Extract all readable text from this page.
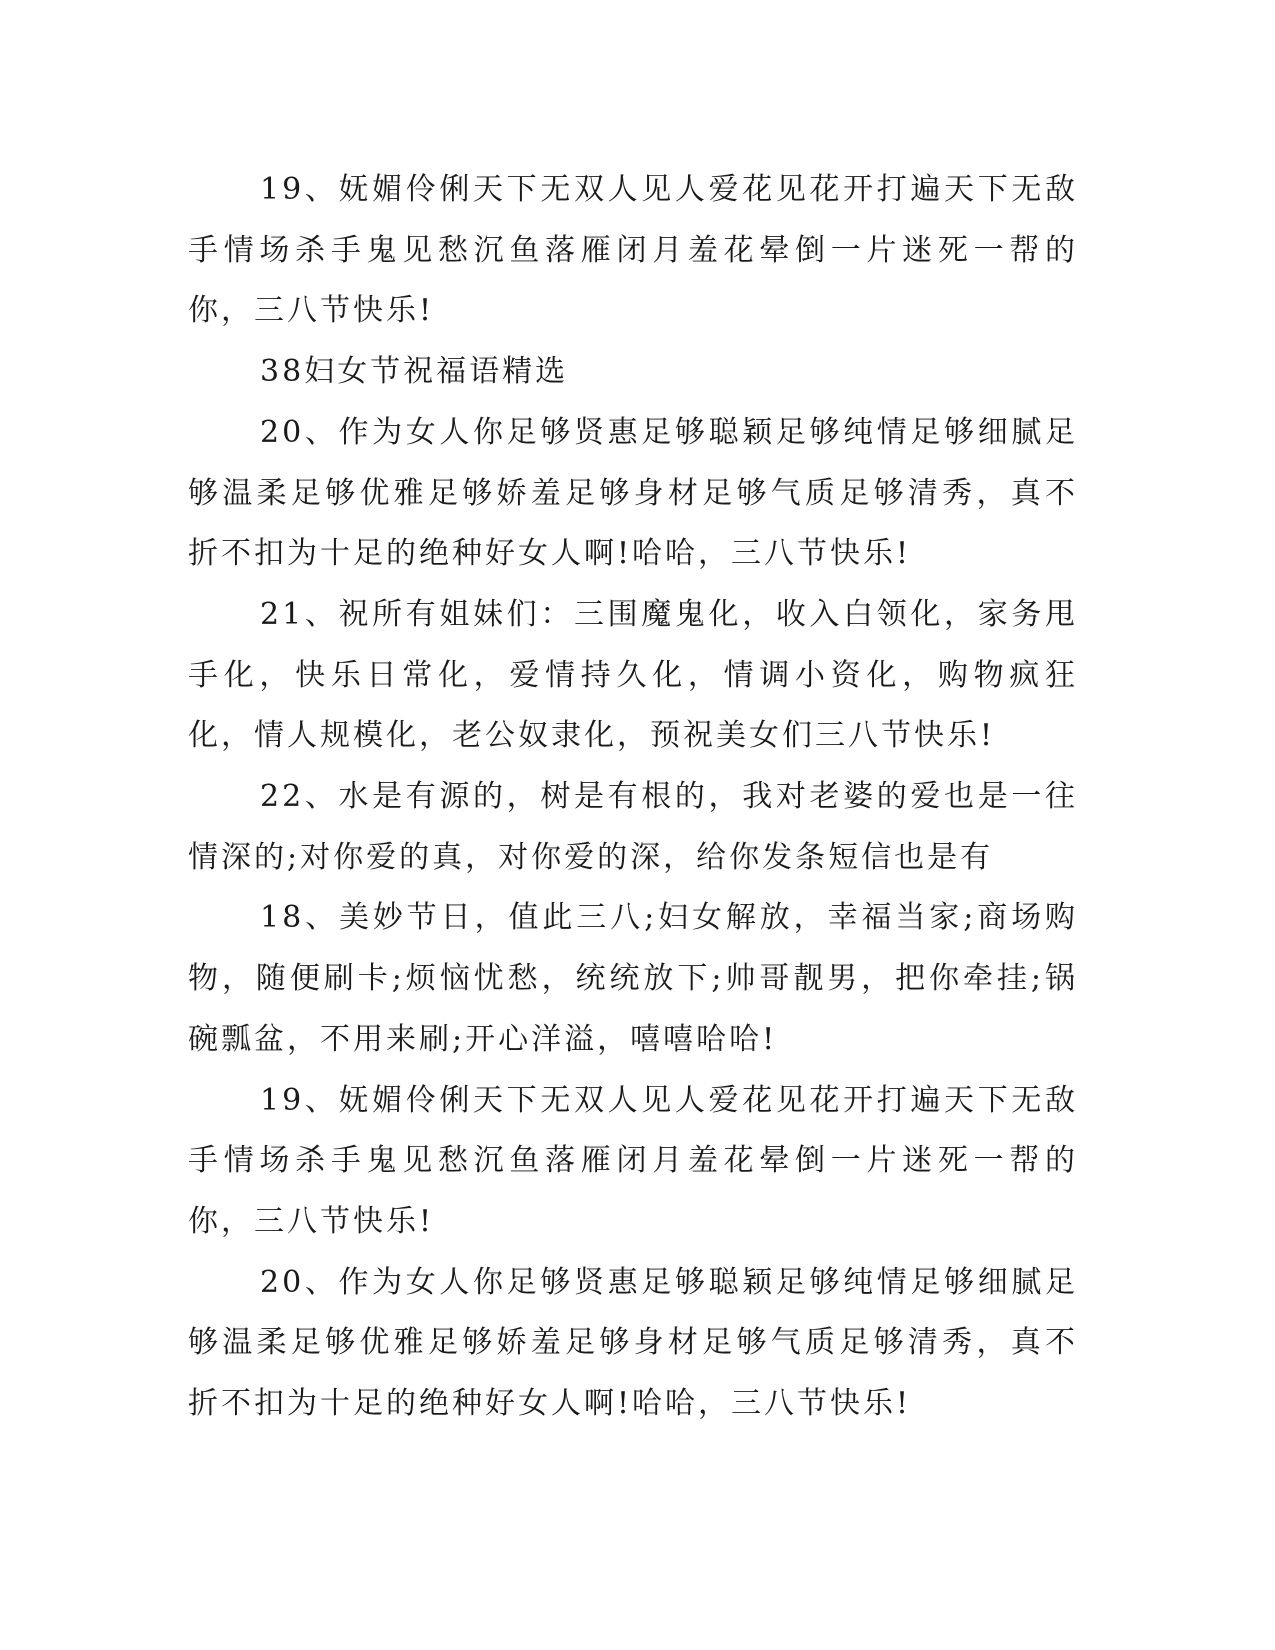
19、妩媚伶俐天下无双人见人爱花见花开打遍天下无敌手情场杀手鬼见愁沉鱼落雁闭月羞花晕倒一片迷死一帮的你，三八节快乐!

38妇女节祝福语精选

20、作为女人你足够贤惠足够聪颖足够纯情足够细腻足够温柔足够优雅足够娇羞足够身材足够气质足够清秀，真不折不扣为十足的绝种好女人啊!哈哈，三八节快乐!

21、祝所有姐妹们：三围魔鬼化，收入白领化，家务甩手化，快乐日常化，爱情持久化，情调小资化，购物疯狂化，情人规模化，老公奴隶化，预祝美女们三八节快乐!

22、水是有源的，树是有根的，我对老婆的爱也是一往情深的;对你爱的真，对你爱的深，给你发条短信也是有

18、美妙节日，值此三八;妇女解放，幸福当家;商场购物，随便刷卡;烦恼忧愁，统统放下;帅哥靓男，把你牵挂;锅碗瓢盆，不用来刷;开心洋溢，嘻嘻哈哈!

19、妩媚伶俐天下无双人见人爱花见花开打遍天下无敌手情场杀手鬼见愁沉鱼落雁闭月羞花晕倒一片迷死一帮的你，三八节快乐!

20、作为女人你足够贤惠足够聪颖足够纯情足够细腻足够温柔足够优雅足够娇羞足够身材足够气质足够清秀，真不折不扣为十足的绝种好女人啊!哈哈，三八节快乐!
